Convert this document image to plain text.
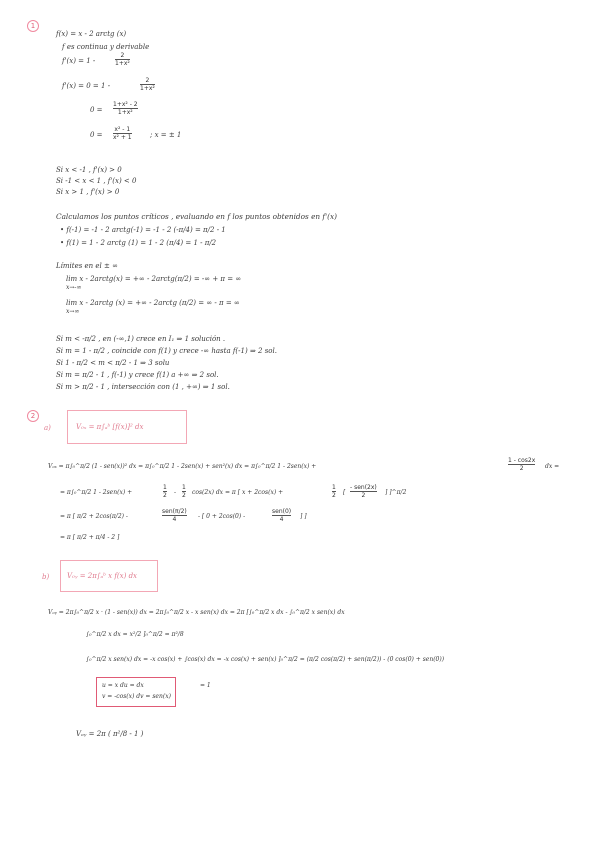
1
f(x) = x - 2 arctg (x)
f es continua y derivable
f'(x) = 1 -
2
1+x²
f'(x) = 0 = 1 -
2
1+x²
0 =
1+x² - 2
1+x²
0 =
x² - 1
x² + 1	; x = ± 1
Si x < -1 , f'(x) > 0
Si -1 < x < 1 , f'(x) < 0
Si x > 1 , f'(x) > 0
Calculamos los puntos críticos , evaluando en f los puntos obtenidos en f'(x)
• f(-1) = -1 - 2 arctg(-1) = -1 - 2 (-π/4) = π/2 - 1
• f(1) = 1 - 2 arctg (1) = 1 - 2 (π/4) = 1 - π/2
Límites en el ± ∞
lim x - 2arctg(x) = +∞ - 2arctg(π/2) = -∞ + π = ∞
x→-∞
lim x - 2arctg (x) = +∞ - 2arctg (π/2) = ∞ - π = ∞
x→∞
Si m < -π/2 , en (-∞,1) crece en I₁ ⇒ 1 solución .
Si m = 1 - π/2 , coincide con f(1) y crece -∞ hasta f(-1) ⇒ 2 sol.
Si 1 - π/2 < m < π/2 - 1 ⇒ 3 solu
Si m = π/2 - 1 , f(-1) y crece f(1) a +∞ ⇒ 2 sol.
Si m > π/2 - 1 , intersección con (1 , +∞) ⇒ 1 sol.
2
a)	V₀ₓ = π∫ₐᵇ [f(x)]² dx
Vₒₓ = π∫₀^π/2 (1 - sen(x))² dx = π∫₀^π/2 1 - 2sen(x) + sen²(x) dx = π∫₀^π/2 1 - 2sen(x) +
1 - cos2x
2	dx =
= π∫₀^π/2 1 - 2sen(x) +
1
2 -
1
2 cos(2x) dx = π [ x + 2cos(x) +
1
2 [
- sen(2x)
2	] ]^π/2
= π [ π/2 + 2cos(π/2) -
sen(π/2)
4	- [ 0 + 2cos(0) -
sen(0)
4	] ]
= π [ π/2 + π/4 - 2 ]
b)	V₀ᵧ = 2π∫ₐᵇ x f(x) dx
Vₒᵧ = 2π∫₀^π/2 x · (1 - sen(x)) dx = 2π∫₀^π/2 x - x sen(x) dx = 2π [∫₀^π/2 x dx - ∫₀^π/2 x sen(x) dx
∫₀^π/2 x dx = x²/2 ]₀^π/2 = π²/8
∫₀^π/2 x sen(x) dx = -x cos(x) + ∫cos(x) dx = -x cos(x) + sen(x) ]₀^π/2 = (π/2 cos(π/2) + sen(π/2)) - (0 cos(0) + sen(0))
u = x du = dx
v = -cos(x) dv = sen(x)
= 1
Vₒᵧ = 2π ( π²/8 - 1 )
